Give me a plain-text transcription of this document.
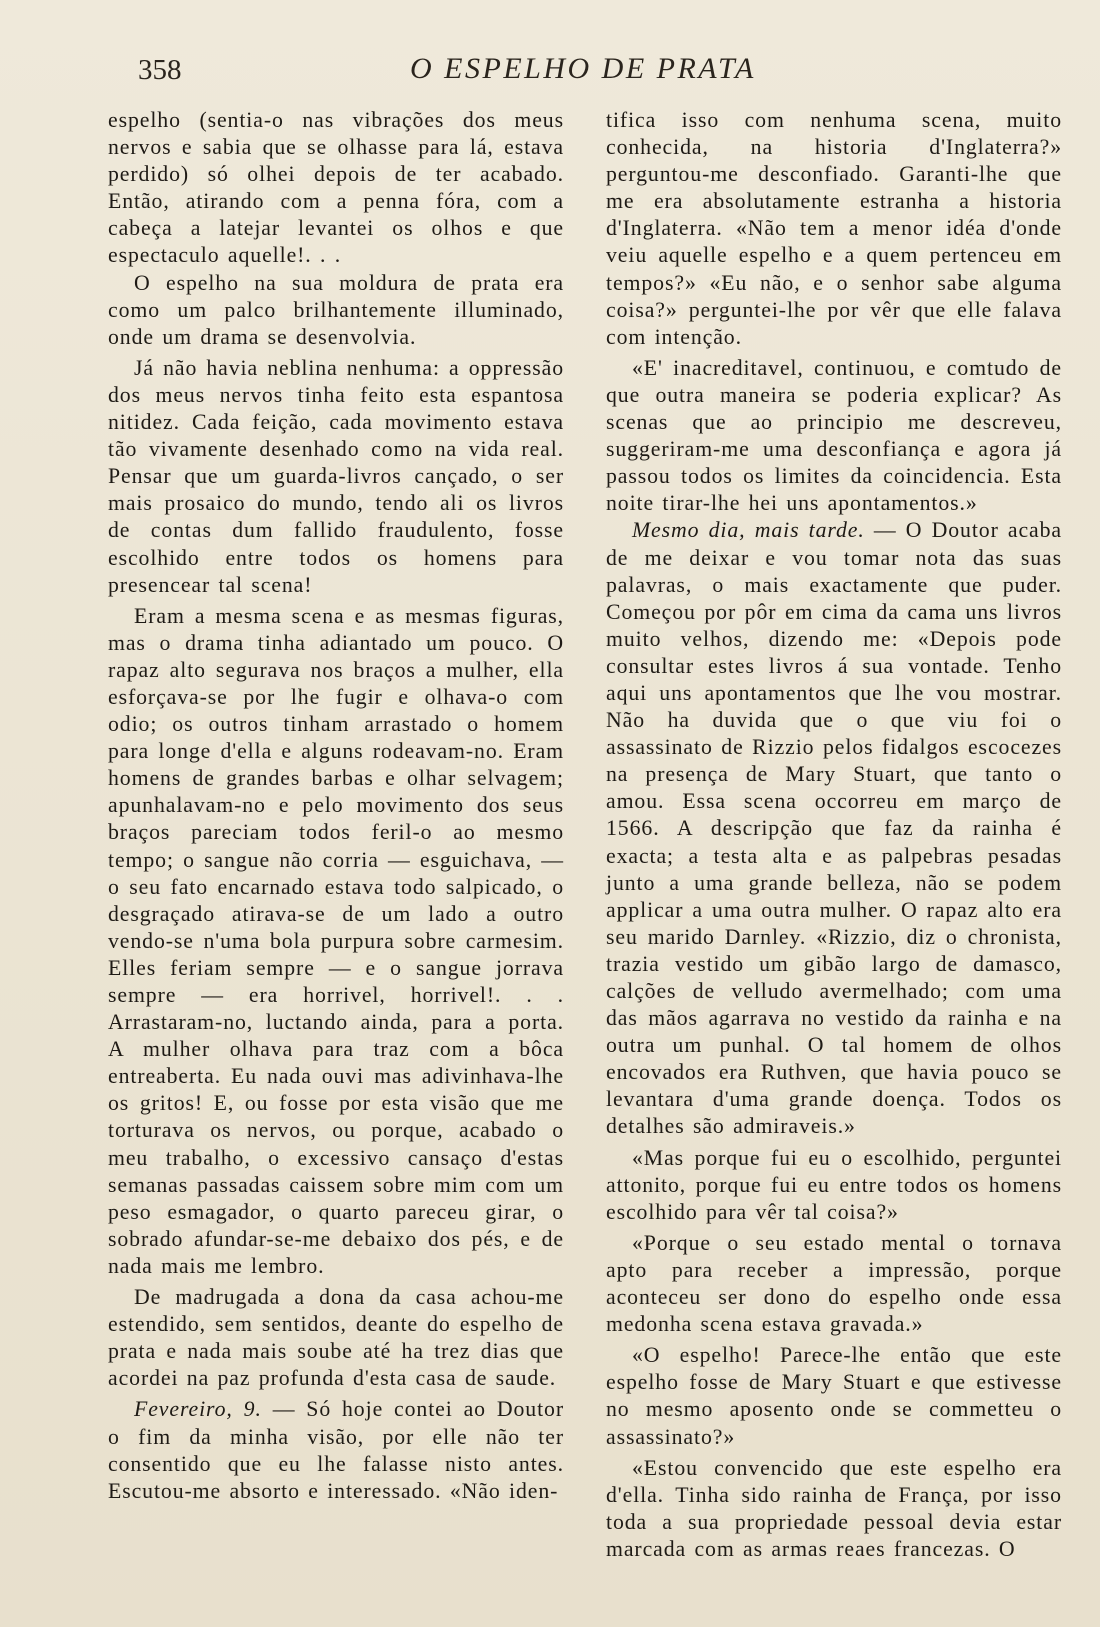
358	O ESPELHO DE PRATA

espelho (sentia-o nas vibrações dos meus nervos e sabia que se olhasse para lá, estava perdido) só olhei depois de ter acabado. Então, atirando com a penna fóra, com a cabeça a latejar levantei os olhos e que espectaculo aquelle!. . .

O espelho na sua moldura de prata era como um palco brilhantemente illuminado, onde um drama se desenvolvia.

Já não havia neblina nenhuma: a oppressão dos meus nervos tinha feito esta espantosa nitidez. Cada feição, cada movimento estava tão vivamente desenhado como na vida real. Pensar que um guarda-livros cançado, o ser mais prosaico do mundo, tendo ali os livros de contas dum fallido fraudulento, fosse escolhido entre todos os homens para presencear tal scena!

Eram a mesma scena e as mesmas figuras, mas o drama tinha adiantado um pouco. O rapaz alto segurava nos braços a mulher, ella esforçava-se por lhe fugir e olhava-o com odio; os outros tinham arrastado o homem para longe d'ella e alguns rodeavam-no. Eram homens de grandes barbas e olhar selvagem; apunhalavam-no e pelo movimento dos seus braços pareciam todos feril-o ao mesmo tempo; o sangue não corria — esguichava, — o seu fato encarnado estava todo salpicado, o desgraçado atirava-se de um lado a outro vendo-se n'uma bola purpura sobre carmesim. Elles feriam sempre — e o sangue jorrava sempre — era horrivel, horrivel!. . . Arrastaram-no, luctando ainda, para a porta. A mulher olhava para traz com a bôca entreaberta. Eu nada ouvi mas adivinhava-lhe os gritos! E, ou fosse por esta visão que me torturava os nervos, ou porque, acabado o meu trabalho, o excessivo cansaço d'estas semanas passadas caissem sobre mim com um peso esmagador, o quarto pareceu girar, o sobrado afundar-se-me debaixo dos pés, e de nada mais me lembro.

De madrugada a dona da casa achou-me estendido, sem sentidos, deante do espelho de prata e nada mais soube até ha trez dias que acordei na paz profunda d'esta casa de saude.

Fevereiro, 9. — Só hoje contei ao Doutor o fim da minha visão, por elle não ter consentido que eu lhe falasse nisto antes. Escutou-me absorto e interessado. «Não iden-

tifica isso com nenhuma scena, muito conhecida, na historia d'Inglaterra?» perguntou-me desconfiado. Garanti-lhe que me era absolutamente estranha a historia d'Inglaterra. «Não tem a menor idéa d'onde veiu aquelle espelho e a quem pertenceu em tempos?» «Eu não, e o senhor sabe alguma coisa?» perguntei-lhe por vêr que elle falava com intenção.

«E' inacreditavel, continuou, e comtudo de que outra maneira se poderia explicar? As scenas que ao principio me descreveu, suggeriram-me uma desconfiança e agora já passou todos os limites da coincidencia. Esta noite tirar-lhe hei uns apontamentos.»

Mesmo dia, mais tarde. — O Doutor acaba de me deixar e vou tomar nota das suas palavras, o mais exactamente que puder. Começou por pôr em cima da cama uns livros muito velhos, dizendo me: «Depois pode consultar estes livros á sua vontade. Tenho aqui uns apontamentos que lhe vou mostrar. Não ha duvida que o que viu foi o assassinato de Rizzio pelos fidalgos escocezes na presença de Mary Stuart, que tanto o amou. Essa scena occorreu em março de 1566. A descripção que faz da rainha é exacta; a testa alta e as palpebras pesadas junto a uma grande belleza, não se podem applicar a uma outra mulher. O rapaz alto era seu marido Darnley. «Rizzio, diz o chronista, trazia vestido um gibão largo de damasco, calções de velludo avermelhado; com uma das mãos agarrava no vestido da rainha e na outra um punhal. O tal homem de olhos encovados era Ruthven, que havia pouco se levantara d'uma grande doença. Todos os detalhes são admiraveis.»

«Mas porque fui eu o escolhido, perguntei attonito, porque fui eu entre todos os homens escolhido para vêr tal coisa?»

«Porque o seu estado mental o tornava apto para receber a impressão, porque aconteceu ser dono do espelho onde essa medonha scena estava gravada.»

«O espelho! Parece-lhe então que este espelho fosse de Mary Stuart e que estivesse no mesmo aposento onde se commetteu o assassinato?»

«Estou convencido que este espelho era d'ella. Tinha sido rainha de França, por isso toda a sua propriedade pessoal devia estar marcada com as armas reaes francezas. O
